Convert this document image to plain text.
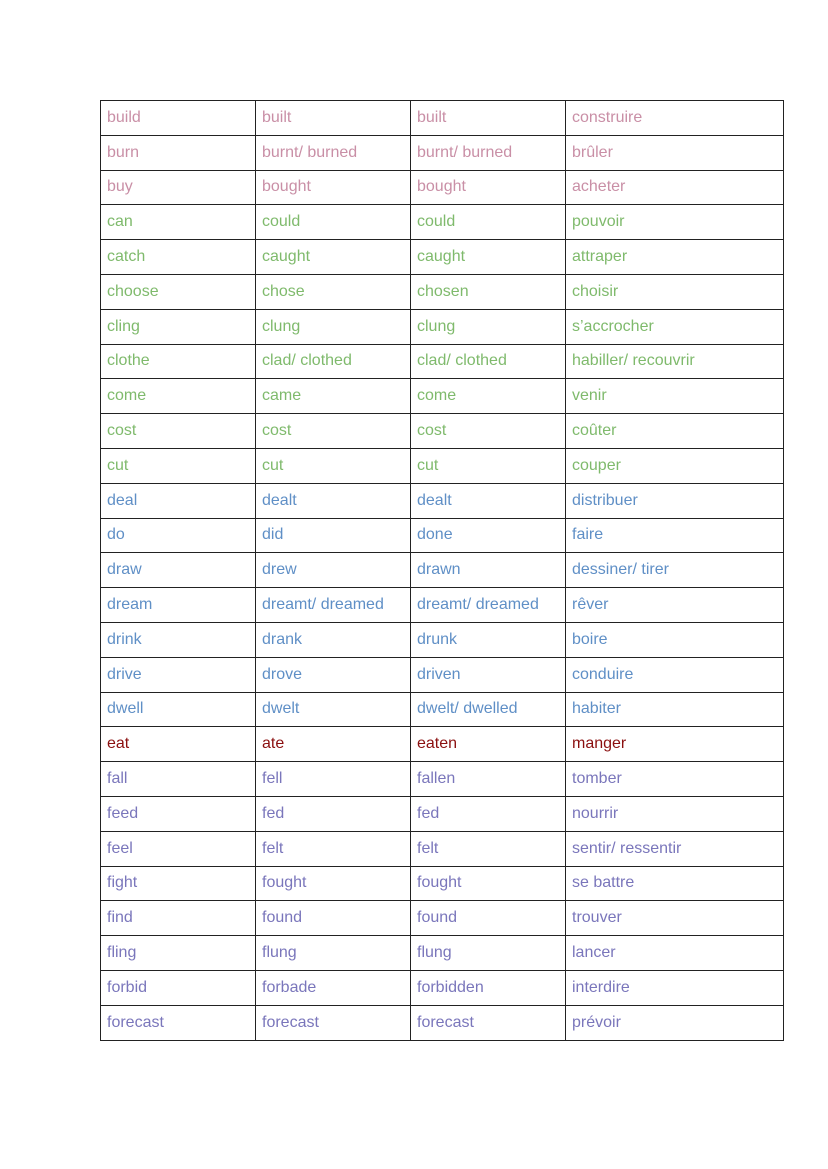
build	built	built	construire
burn	burnt/ burned	burnt/ burned	brûler
buy	bought	bought	acheter
can	could	could	pouvoir
catch	caught	caught	attraper
choose	chose	chosen	choisir
cling	clung	clung	s’accrocher
clothe	clad/ clothed	clad/ clothed	habiller/ recouvrir
come	came	come	venir
cost	cost	cost	coûter
cut	cut	cut	couper
deal	dealt	dealt	distribuer
do	did	done	faire
draw	drew	drawn	dessiner/ tirer
dream	dreamt/ dreamed	dreamt/ dreamed	rêver
drink	drank	drunk	boire
drive	drove	driven	conduire
dwell	dwelt	dwelt/ dwelled	habiter
eat	ate	eaten	manger
fall	fell	fallen	tomber
feed	fed	fed	nourrir
feel	felt	felt	sentir/ ressentir
fight	fought	fought	se battre
find	found	found	trouver
fling	flung	flung	lancer
forbid	forbade	forbidden	interdire
forecast	forecast	forecast	prévoir
